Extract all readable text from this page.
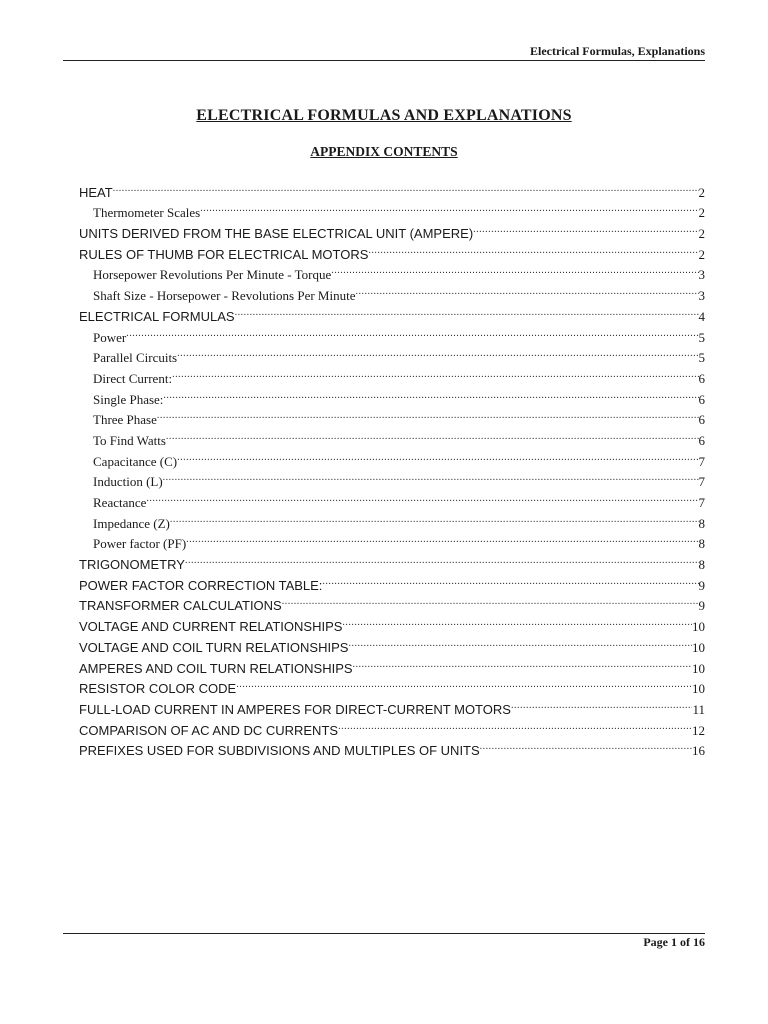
Electrical Formulas, Explanations
ELECTRICAL FORMULAS AND EXPLANATIONS
APPENDIX CONTENTS
HEAT .....	2
Thermometer Scales .....	2
UNITS DERIVED FROM THE BASE ELECTRICAL UNIT (AMPERE) .....	2
RULES OF THUMB FOR ELECTRICAL MOTORS .....	2
Horsepower Revolutions Per Minute - Torque .....	3
Shaft Size - Horsepower - Revolutions Per Minute .....	3
ELECTRICAL FORMULAS .....	4
Power .....	5
Parallel Circuits .....	5
Direct Current: .....	6
Single Phase: .....	6
Three Phase .....	6
To Find Watts .....	6
Capacitance (C) .....	7
Induction (L) .....	7
Reactance .....	7
Impedance (Z) .....	8
Power factor (PF) .....	8
TRIGONOMETRY .....	8
POWER FACTOR CORRECTION TABLE: .....	9
TRANSFORMER CALCULATIONS .....	9
VOLTAGE AND CURRENT RELATIONSHIPS .....	10
VOLTAGE AND COIL TURN RELATIONSHIPS .....	10
AMPERES AND COIL TURN RELATIONSHIPS .....	10
RESISTOR COLOR CODE .....	10
FULL-LOAD CURRENT IN AMPERES FOR DIRECT-CURRENT MOTORS .....	11
COMPARISON OF AC AND DC CURRENTS .....	12
PREFIXES USED FOR SUBDIVISIONS AND MULTIPLES OF UNITS .....	16
Page 1 of 16
